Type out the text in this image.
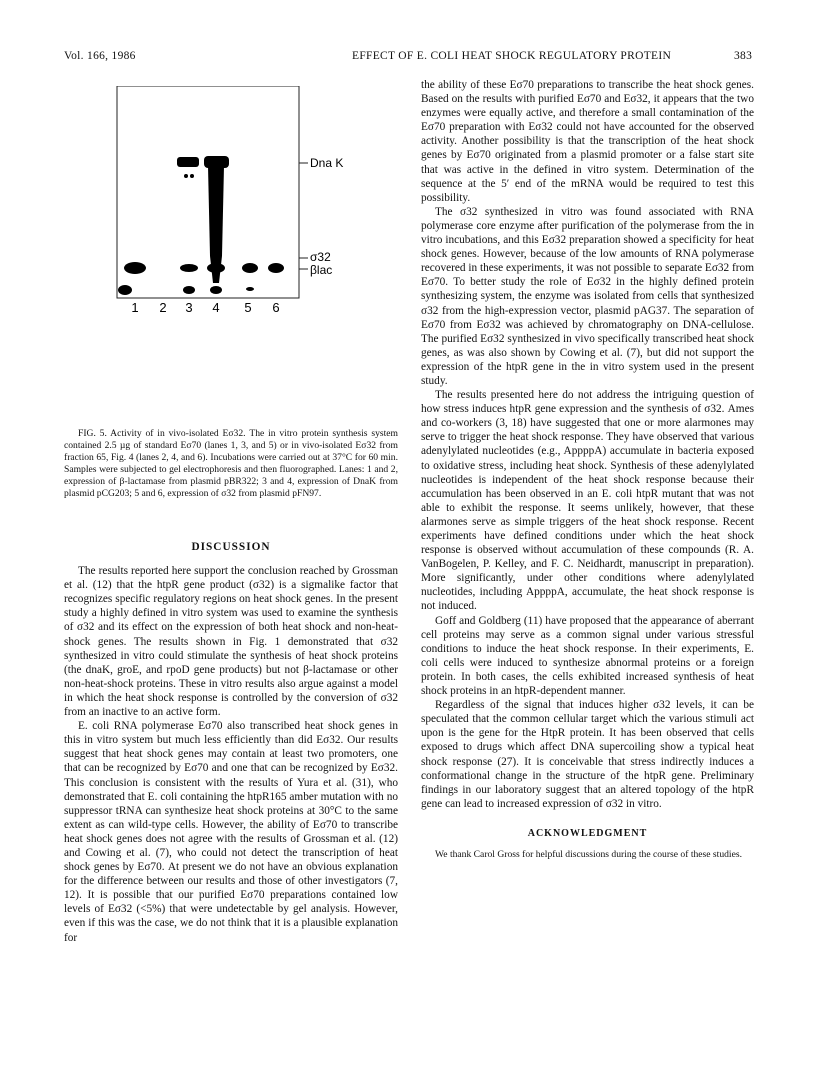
Vol. 166, 1986	EFFECT OF E. COLI HEAT SHOCK REGULATORY PROTEIN	383
Dna K
σ32
βlac
1 2 3 4 5 6

FIG. 5. Activity of in vivo-isolated Eσ32. The in vitro protein synthesis system contained 2.5 µg of standard Eσ70 (lanes 1, 3, and 5) or in vivo-isolated Eσ32 from fraction 65, Fig. 4 (lanes 2, 4, and 6). Incubations were carried out at 37°C for 60 min. Samples were subjected to gel electrophoresis and then fluorographed. Lanes: 1 and 2, expression of β-lactamase from plasmid pBR322; 3 and 4, expression of DnaK from plasmid pCG203; 5 and 6, expression of σ32 from plasmid pFN97.

DISCUSSION

The results reported here support the conclusion reached by Grossman et al. (12) that the htpR gene product (σ32) is a sigmalike factor that recognizes specific regulatory regions on heat shock genes. In the present study a highly defined in vitro system was used to examine the synthesis of σ32 and its effect on the expression of both heat shock and non-heat-shock genes. The results shown in Fig. 1 demonstrated that σ32 synthesized in vitro could stimulate the synthesis of heat shock proteins (the dnaK, groE, and rpoD gene products) but not β-lactamase or other non-heat-shock proteins. These in vitro results also argue against a model in which the heat shock response is controlled by the conversion of σ32 from an inactive to an active form.

E. coli RNA polymerase Eσ70 also transcribed heat shock genes in this in vitro system but much less efficiently than did Eσ32. Our results suggest that heat shock genes may contain at least two promoters, one that can be recognized by Eσ70 and one that can be recognized by Eσ32. This conclusion is consistent with the results of Yura et al. (31), who demonstrated that E. coli containing the htpR165 amber mutation with no suppressor tRNA can synthesize heat shock proteins at 30°C to the same extent as can wild-type cells. However, the ability of Eσ70 to transcribe heat shock genes does not agree with the results of Grossman et al. (12) and Cowing et al. (7), who could not detect the transcription of heat shock genes by Eσ70. At present we do not have an obvious explanation for the difference between our results and those of other investigators (7, 12). It is possible that our purified Eσ70 preparations contained low levels of Eσ32 (<5%) that were undetectable by gel analysis. However, even if this was the case, we do not think that it is a plausible explanation for

the ability of these Eσ70 preparations to transcribe the heat shock genes. Based on the results with purified Eσ70 and Eσ32, it appears that the two enzymes were equally active, and therefore a small contamination of the Eσ70 preparation with Eσ32 could not have accounted for the observed activity. Another possibility is that the transcription of the heat shock genes by Eσ70 originated from a plasmid promoter or a false start site that was active in the defined in vitro system. Determination of the sequence at the 5′ end of the mRNA would be required to test this possibility.

The σ32 synthesized in vitro was found associated with RNA polymerase core enzyme after purification of the polymerase from the in vitro incubations, and this Eσ32 preparation showed a specificity for heat shock genes. However, because of the low amounts of RNA polymerase recovered in these experiments, it was not possible to separate Eσ32 from Eσ70. To better study the role of Eσ32 in the highly defined protein synthesizing system, the enzyme was isolated from cells that synthesized σ32 from the high-expression vector, plasmid pAG37. The separation of Eσ70 from Eσ32 was achieved by chromatography on DNA-cellulose. The purified Eσ32 synthesized in vivo specifically transcribed heat shock genes, as was also shown by Cowing et al. (7), but did not support the expression of the htpR gene in the in vitro system used in the present study.

The results presented here do not address the intriguing question of how stress induces htpR gene expression and the synthesis of σ32. Ames and co-workers (3, 18) have suggested that one or more alarmones may serve to trigger the heat shock response. They have observed that various adenylylated nucleotides (e.g., AppppA) accumulate in bacteria exposed to oxidative stress, including heat shock. Synthesis of these adenylylated nucleotides is independent of the heat shock response because their accumulation has been observed in an E. coli htpR mutant that was not able to exhibit the response. It seems unlikely, however, that these alarmones serve as simple triggers of the heat shock response. Recent experiments have defined conditions under which the heat shock response is observed without accumulation of these compounds (R. A. VanBogelen, P. Kelley, and F. C. Neidhardt, manuscript in preparation). More significantly, under other conditions where adenylylated nucleotides, including AppppA, accumulate, the heat shock response is not induced.

Goff and Goldberg (11) have proposed that the appearance of aberrant cell proteins may serve as a common signal under various stressful conditions to induce the heat shock response. In their experiments, E. coli cells were induced to synthesize abnormal proteins or a foreign protein. In both cases, the cells exhibited increased synthesis of heat shock proteins in an htpR-dependent manner.

Regardless of the signal that induces higher σ32 levels, it can be speculated that the common cellular target which the various stimuli act upon is the gene for the HtpR protein. It has been observed that cells exposed to drugs which affect DNA supercoiling show a typical heat shock response (27). It is conceivable that stress indirectly induces a conformational change in the structure of the htpR gene. Preliminary findings in our laboratory suggest that an altered topology of the htpR gene can lead to increased expression of σ32 in vitro.

ACKNOWLEDGMENT

We thank Carol Gross for helpful discussions during the course of these studies.
